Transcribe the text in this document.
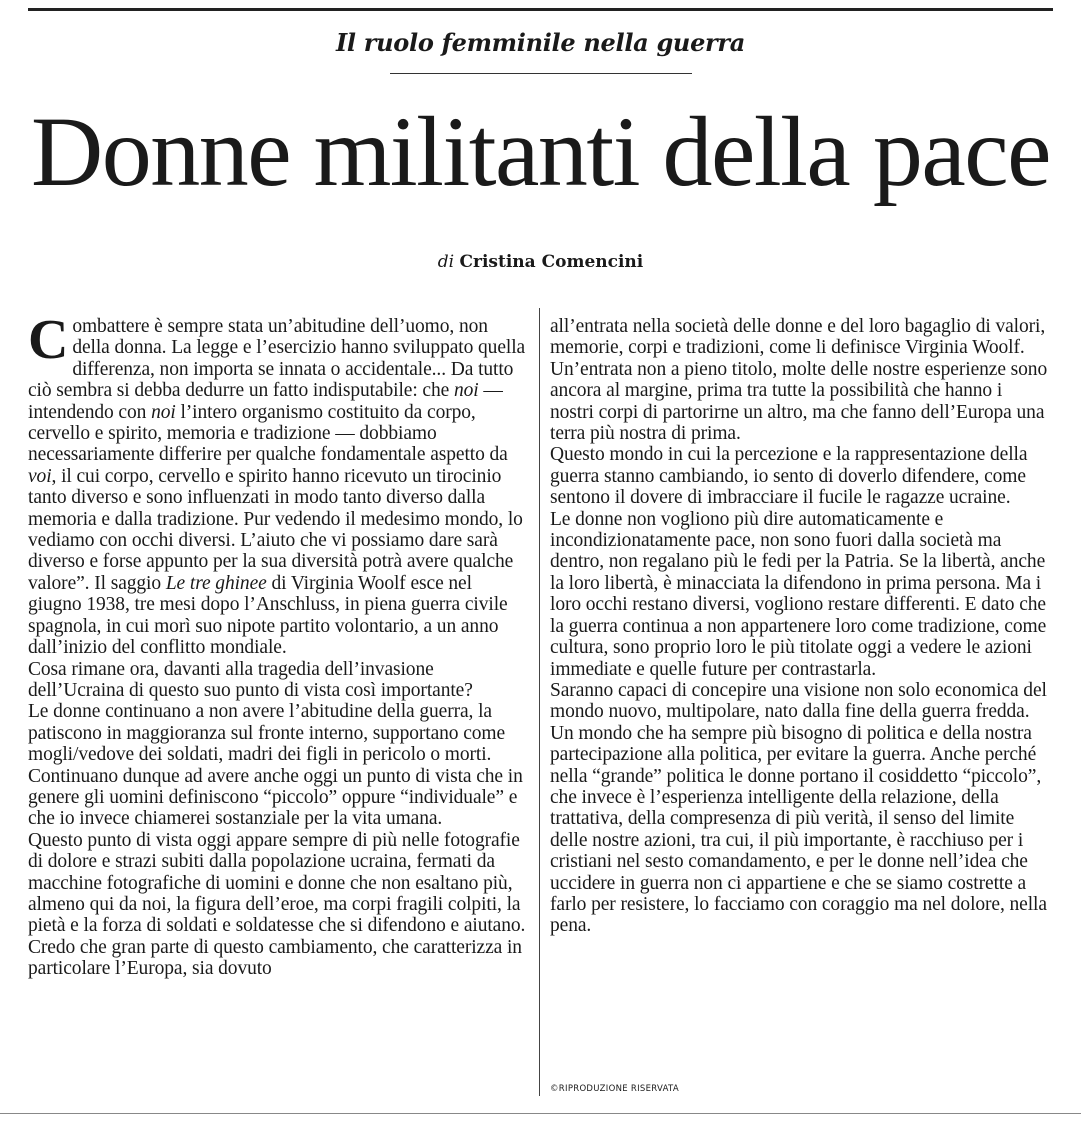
Il ruolo femminile nella guerra
Donne militanti della pace
di Cristina Comencini

Combattere è sempre stata un’abitudine dell’uomo, non della donna. La legge e l’esercizio hanno sviluppato quella differenza, non importa se innata o accidentale... Da tutto ciò sembra si debba dedurre un fatto indisputabile: che noi — intendendo con noi l’intero organismo costituito da corpo, cervello e spirito, memoria e tradizione — dobbiamo necessariamente differire per qualche fondamentale aspetto da voi, il cui corpo, cervello e spirito hanno ricevuto un tirocinio tanto diverso e sono influenzati in modo tanto diverso dalla memoria e dalla tradizione. Pur vedendo il medesimo mondo, lo vediamo con occhi diversi. L’aiuto che vi possiamo dare sarà diverso e forse appunto per la sua diversità potrà avere qualche valore”. Il saggio Le tre ghinee di Virginia Woolf esce nel giugno 1938, tre mesi dopo l’Anschluss, in piena guerra civile spagnola, in cui morì suo nipote partito volontario, a un anno dall’inizio del conflitto mondiale.

Cosa rimane ora, davanti alla tragedia dell’invasione dell’Ucraina di questo suo punto di vista così importante?

Le donne continuano a non avere l’abitudine della guerra, la patiscono in maggioranza sul fronte interno, supportano come mogli/vedove dei soldati, madri dei figli in pericolo o morti. Continuano dunque ad avere anche oggi un punto di vista che in genere gli uomini definiscono “piccolo” oppure “individuale” e che io invece chiamerei sostanziale per la vita umana.

Questo punto di vista oggi appare sempre di più nelle fotografie di dolore e strazi subiti dalla popolazione ucraina, fermati da macchine fotografiche di uomini e donne che non esaltano più, almeno qui da noi, la figura dell’eroe, ma corpi fragili colpiti, la pietà e la forza di soldati e soldatesse che si difendono e aiutano.

Credo che gran parte di questo cambiamento, che caratterizza in particolare l’Europa, sia dovuto

all’entrata nella società delle donne e del loro bagaglio di valori, memorie, corpi e tradizioni, come li definisce Virginia Woolf. Un’entrata non a pieno titolo, molte delle nostre esperienze sono ancora al margine, prima tra tutte la possibilità che hanno i nostri corpi di partorirne un altro, ma che fanno dell’Europa una terra più nostra di prima.

Questo mondo in cui la percezione e la rappresentazione della guerra stanno cambiando, io sento di doverlo difendere, come sentono il dovere di imbracciare il fucile le ragazze ucraine.

Le donne non vogliono più dire automaticamente e incondizionatamente pace, non sono fuori dalla società ma dentro, non regalano più le fedi per la Patria. Se la libertà, anche la loro libertà, è minacciata la difendono in prima persona. Ma i loro occhi restano diversi, vogliono restare differenti. E dato che la guerra continua a non appartenere loro come tradizione, come cultura, sono proprio loro le più titolate oggi a vedere le azioni immediate e quelle future per contrastarla.

Saranno capaci di concepire una visione non solo economica del mondo nuovo, multipolare, nato dalla fine della guerra fredda. Un mondo che ha sempre più bisogno di politica e della nostra partecipazione alla politica, per evitare la guerra. Anche perché nella “grande” politica le donne portano il cosiddetto “piccolo”, che invece è l’esperienza intelligente della relazione, della trattativa, della compresenza di più verità, il senso del limite delle nostre azioni, tra cui, il più importante, è racchiuso per i cristiani nel sesto comandamento, e per le donne nell’idea che uccidere in guerra non ci appartiene e che se siamo costrette a farlo per resistere, lo facciamo con coraggio ma nel dolore, nella pena.

©RIPRODUZIONE RISERVATA
